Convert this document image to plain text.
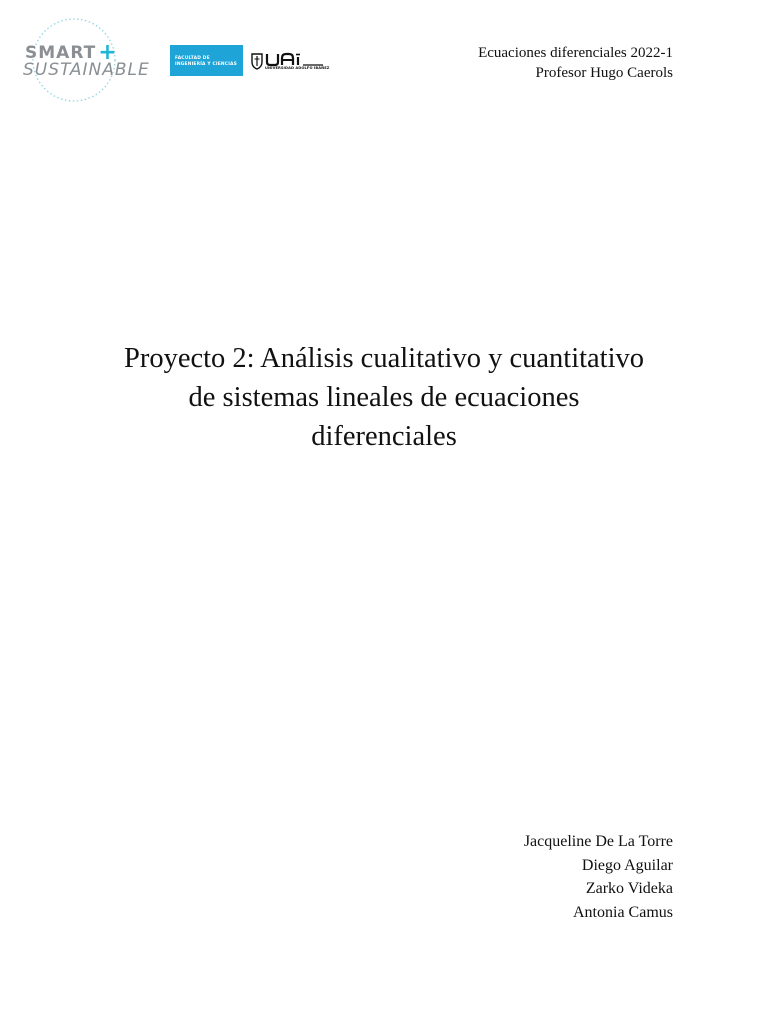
SMART+
SUSTAINABLE
FACULTAD DE
INGENIERÍA Y CIENCIAS
UNIVERSIDAD ADOLFO IBÁÑEZ
Ecuaciones diferenciales 2022-1
Profesor Hugo Caerols
Proyecto 2: Análisis cualitativo y cuantitativo
de sistemas lineales de ecuaciones
diferenciales
Jacqueline De La Torre
Diego Aguilar
Zarko Videka
Antonia Camus
